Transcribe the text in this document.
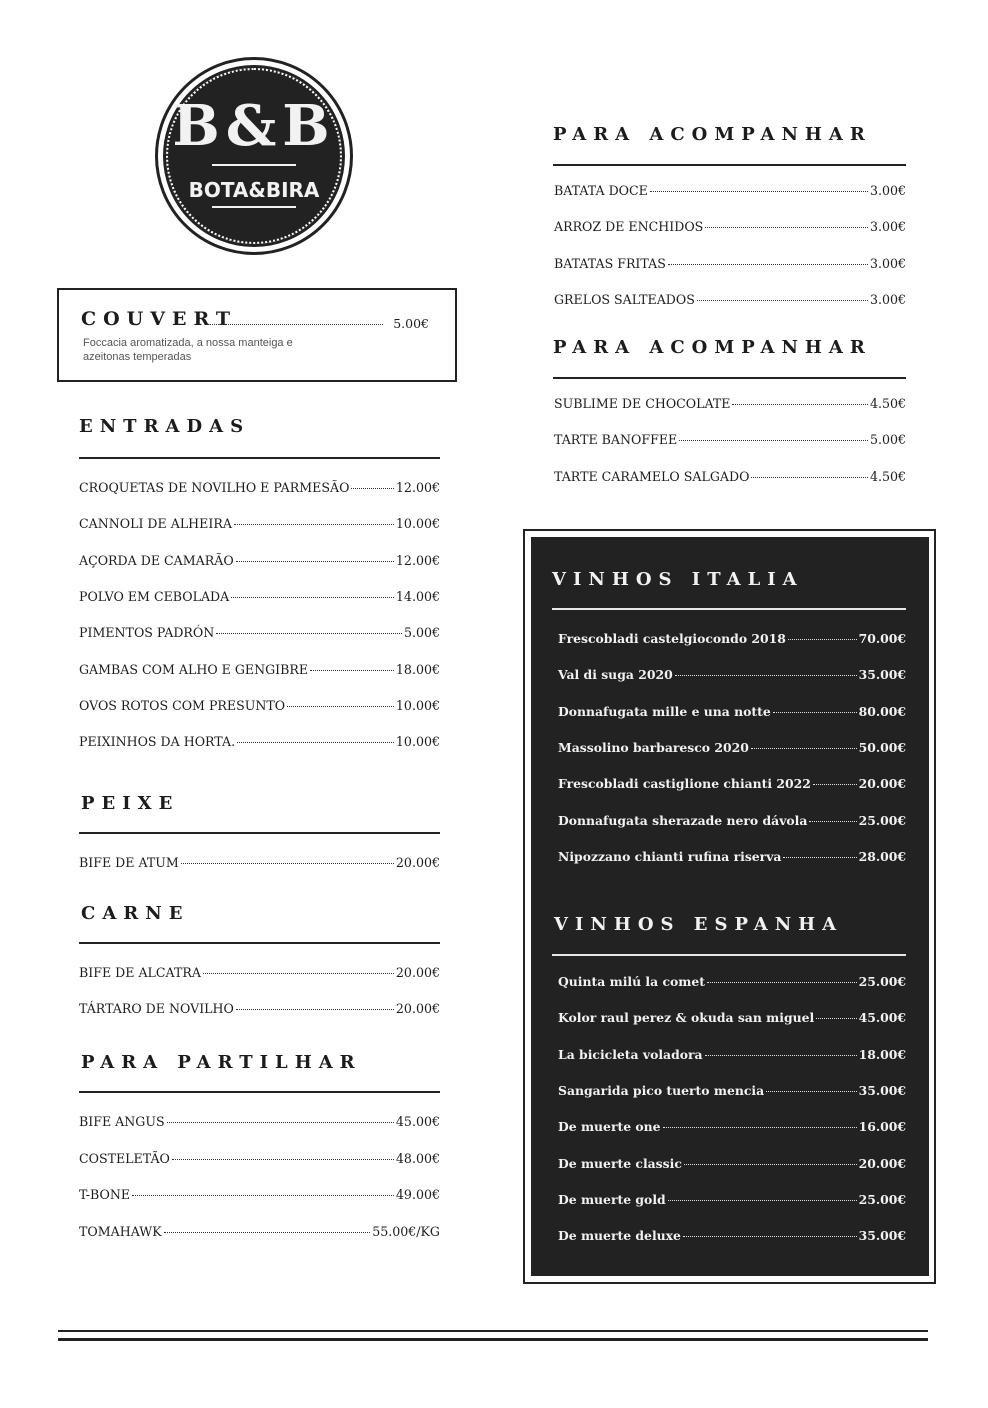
B&B
BOTA&BIRA
COUVERT	5.00€
Foccacia aromatizada, a nossa manteiga e azeitonas temperadas
ENTRADAS
CROQUETAS DE NOVILHO E PARMESÃO	12.00€
CANNOLI DE ALHEIRA	10.00€
AÇORDA DE CAMARÃO	12.00€
POLVO EM CEBOLADA	14.00€
PIMENTOS PADRÓN	5.00€
GAMBAS COM ALHO E GENGIBRE	18.00€
OVOS ROTOS COM PRESUNTO	10.00€
PEIXINHOS DA HORTA.	10.00€
PEIXE
BIFE DE ATUM	20.00€
CARNE
BIFE DE ALCATRA	20.00€
TÁRTARO DE NOVILHO	20.00€
PARA PARTILHAR
BIFE ANGUS	45.00€
COSTELETÃO	48.00€
T-BONE	49.00€
TOMAHAWK	55.00€/KG
PARA ACOMPANHAR
BATATA DOCE	3.00€
ARROZ DE ENCHIDOS	3.00€
BATATAS FRITAS	3.00€
GRELOS SALTEADOS	3.00€
PARA ACOMPANHAR
SUBLIME DE CHOCOLATE	4.50€
TARTE BANOFFEE	5.00€
TARTE CARAMELO SALGADO	4.50€
VINHOS ITALIA
Frescobladi castelgiocondo 2018	70.00€
Val di suga 2020	35.00€
Donnafugata mille e una notte	80.00€
Massolino barbaresco 2020	50.00€
Frescobladi castiglione chianti 2022	20.00€
Donnafugata sherazade nero dávola	25.00€
Nipozzano chianti rufina riserva	28.00€
VINHOS ESPANHA
Quinta milú la comet	25.00€
Kolor raul perez & okuda san miguel	45.00€
La bicicleta voladora	18.00€
Sangarida pico tuerto mencia	35.00€
De muerte one	16.00€
De muerte classic	20.00€
De muerte gold	25.00€
De muerte deluxe	35.00€
